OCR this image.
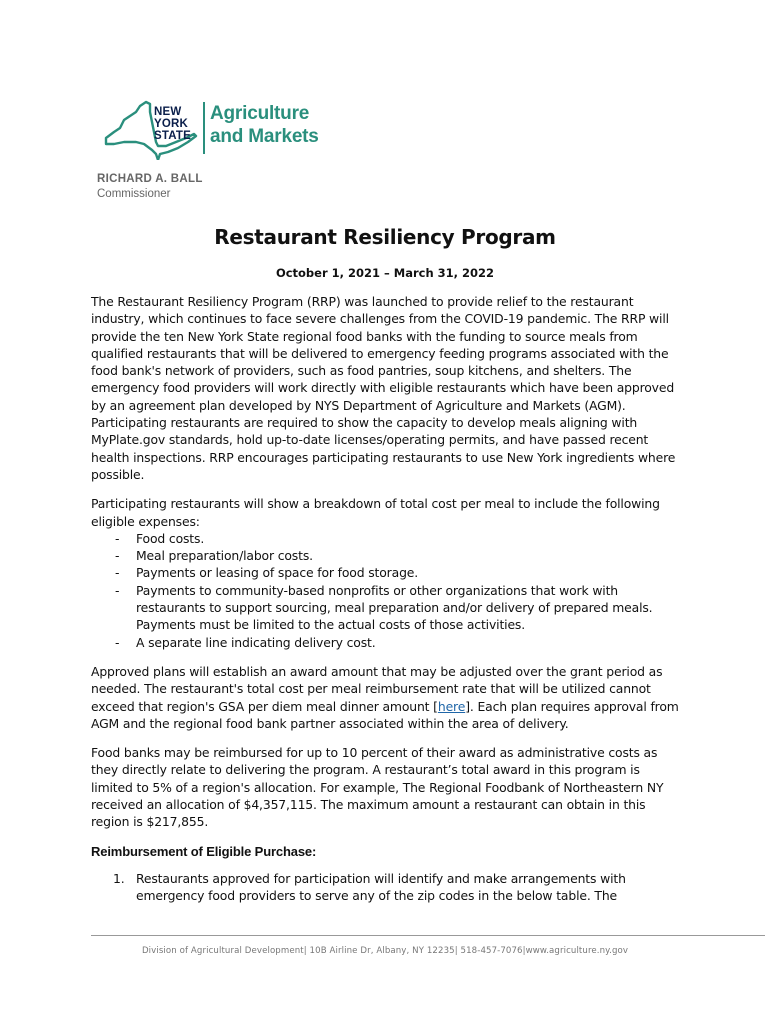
NEW
YORK
STATE
Agriculture
and Markets
RICHARD A. BALL
Commissioner
Restaurant Resiliency Program
October 1, 2021 – March 31, 2022

The Restaurant Resiliency Program (RRP) was launched to provide relief to the restaurant industry, which continues to face severe challenges from the COVID-19 pandemic. The RRP will provide the ten New York State regional food banks with the funding to source meals from qualified restaurants that will be delivered to emergency feeding programs associated with the food bank's network of providers, such as food pantries, soup kitchens, and shelters. The emergency food providers will work directly with eligible restaurants which have been approved by an agreement plan developed by NYS Department of Agriculture and Markets (AGM). Participating restaurants are required to show the capacity to develop meals aligning with MyPlate.gov standards, hold up-to-date licenses/operating permits, and have passed recent health inspections. RRP encourages participating restaurants to use New York ingredients where possible.

Participating restaurants will show a breakdown of total cost per meal to include the following eligible expenses:

- Food costs.
- Meal preparation/labor costs.
- Payments or leasing of space for food storage.
- Payments to community-based nonprofits or other organizations that work with restaurants to support sourcing, meal preparation and/or delivery of prepared meals. Payments must be limited to the actual costs of those activities.
- A separate line indicating delivery cost.

Approved plans will establish an award amount that may be adjusted over the grant period as needed. The restaurant's total cost per meal reimbursement rate that will be utilized cannot exceed that region's GSA per diem meal dinner amount [here]. Each plan requires approval from AGM and the regional food bank partner associated within the area of delivery.

Food banks may be reimbursed for up to 10 percent of their award as administrative costs as they directly relate to delivering the program. A restaurant’s total award in this program is limited to 5% of a region's allocation. For example, The Regional Foodbank of Northeastern NY received an allocation of $4,357,115. The maximum amount a restaurant can obtain in this region is $217,855.

Reimbursement of Eligible Purchase:
1. Restaurants approved for participation will identify and make arrangements with emergency food providers to serve any of the zip codes in the below table. The
Division of Agricultural Development| 10B Airline Dr, Albany, NY 12235| 518-457-7076|www.agriculture.ny.gov
